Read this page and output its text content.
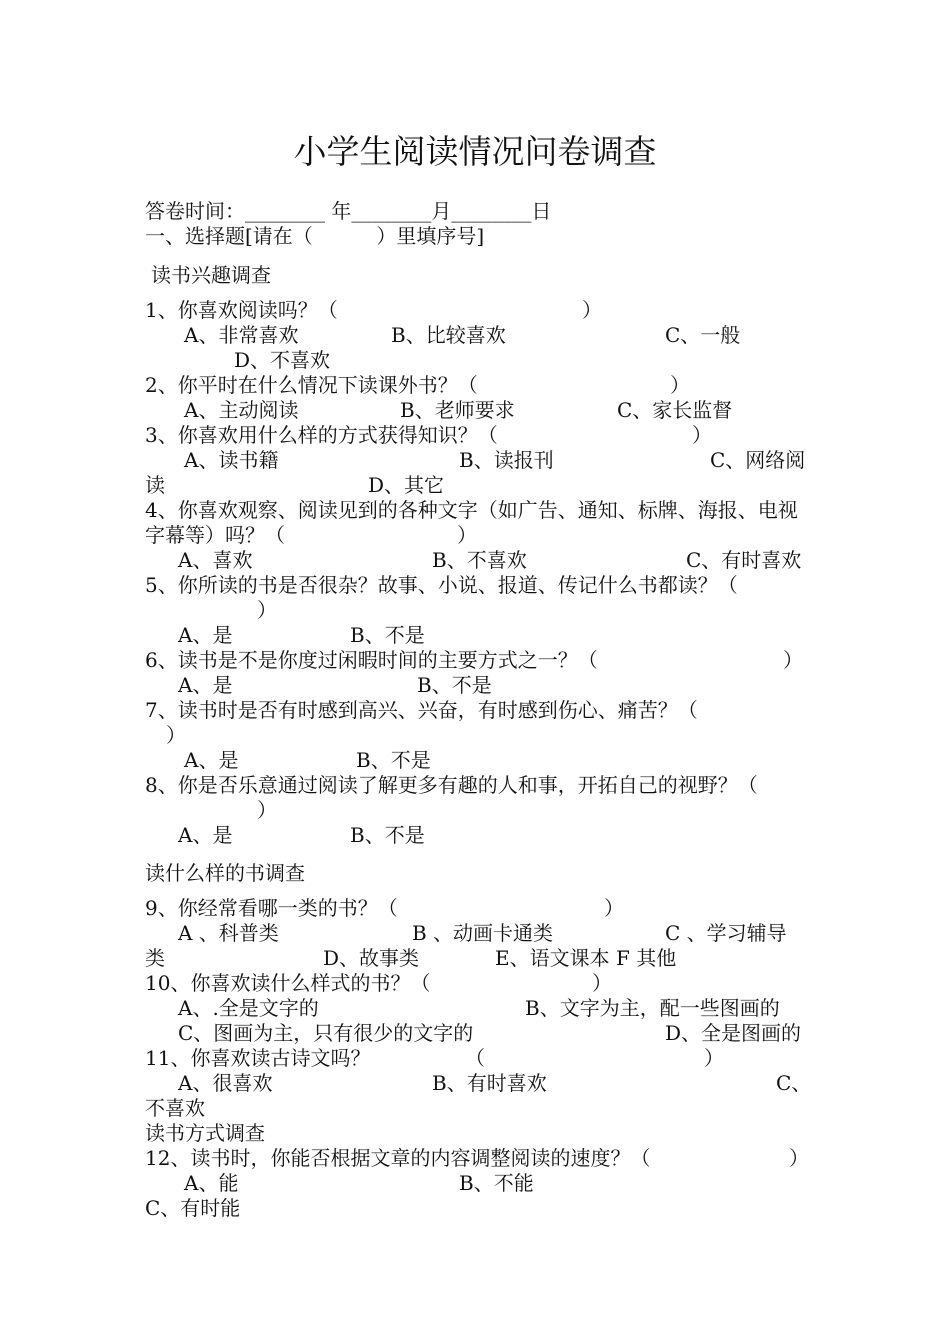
小学生阅读情况问卷调查
答卷时间：________ 年________月________日
一、选择题[请在（          ）里填序号]
读书兴趣调查
1、你喜欢阅读吗？（	）
A、非常喜欢	B、比较喜欢	C、一般
D、不喜欢
2、你平时在什么情况下读课外书？（	）
A、主动阅读	B、老师要求	C、家长监督
3、你喜欢用什么样的方式获得知识？（	）
A、读书籍	B、读报刊	C、网络阅
读	D、其它
4、你喜欢观察、阅读见到的各种文字（如广告、通知、标牌、海报、电视
字幕等）吗？（	）
A、喜欢	B、不喜欢	C、有时喜欢
5、你所读的书是否很杂？故事、小说、报道、传记什么书都读？（
）
A、是	B、不是
6、读书是不是你度过闲暇时间的主要方式之一？（	）
A、是	B、不是
7、读书时是否有时感到高兴、兴奋，有时感到伤心、痛苦？（
）
A、是	B、不是
8、你是否乐意通过阅读了解更多有趣的人和事，开拓自己的视野？（
）
A、是	B、不是
读什么样的书调查
9、你经常看哪一类的书？（	）
A 、科普类	B 、动画卡通类	C 、学习辅导
类	D、故事类	E、语文课本 F 其他
10、你喜欢读什么样式的书？（	）
A、.全是文字的	B、文字为主，配一些图画的
C、图画为主，只有很少的文字的	D、全是图画的
11、你喜欢读古诗文吗？	（	）
A、很喜欢	B、有时喜欢	C、
不喜欢
读书方式调查
12、读书时，你能否根据文章的内容调整阅读的速度？（	）
A、能	B、不能
C、有时能
